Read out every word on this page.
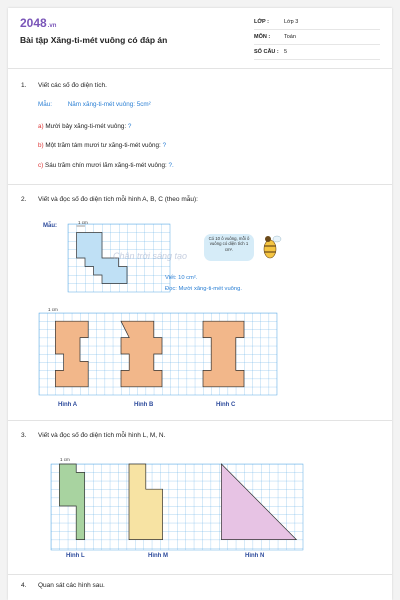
2048.vn
Bài tập Xăng-ti-mét vuông có đáp án
LỚP :	Lớp 3
MÔN :	Toán
SỐ CÂU : 5
1. Viết các số đo diện tích.
Mẫu:	Năm xăng-ti-mét vuông: 5cm²
a) Mười bảy xăng-ti-mét vuông: ?
b) Một trăm tám mươi tư xăng-ti-mét vuông: ?
c) Sáu trăm chín mươi lăm xăng-ti-mét vuông: ?.
2. Viết và đọc số đo diện tích mỗi hình A, B, C (theo mẫu):
Mẫu:
1 cm
Chân trời sáng tạo
Có 10 ô vuông, mỗi ô vuông có diện tích 1 cm².
Viết: 10 cm².
Đọc: Mười xăng-ti-mét vuông.
1 cm
Hình A	Hình B	Hình C
3. Viết và đọc số đo diện tích mỗi hình L, M, N.
1 cm
Hình L	Hình M	Hình N
4. Quan sát các hình sau.
